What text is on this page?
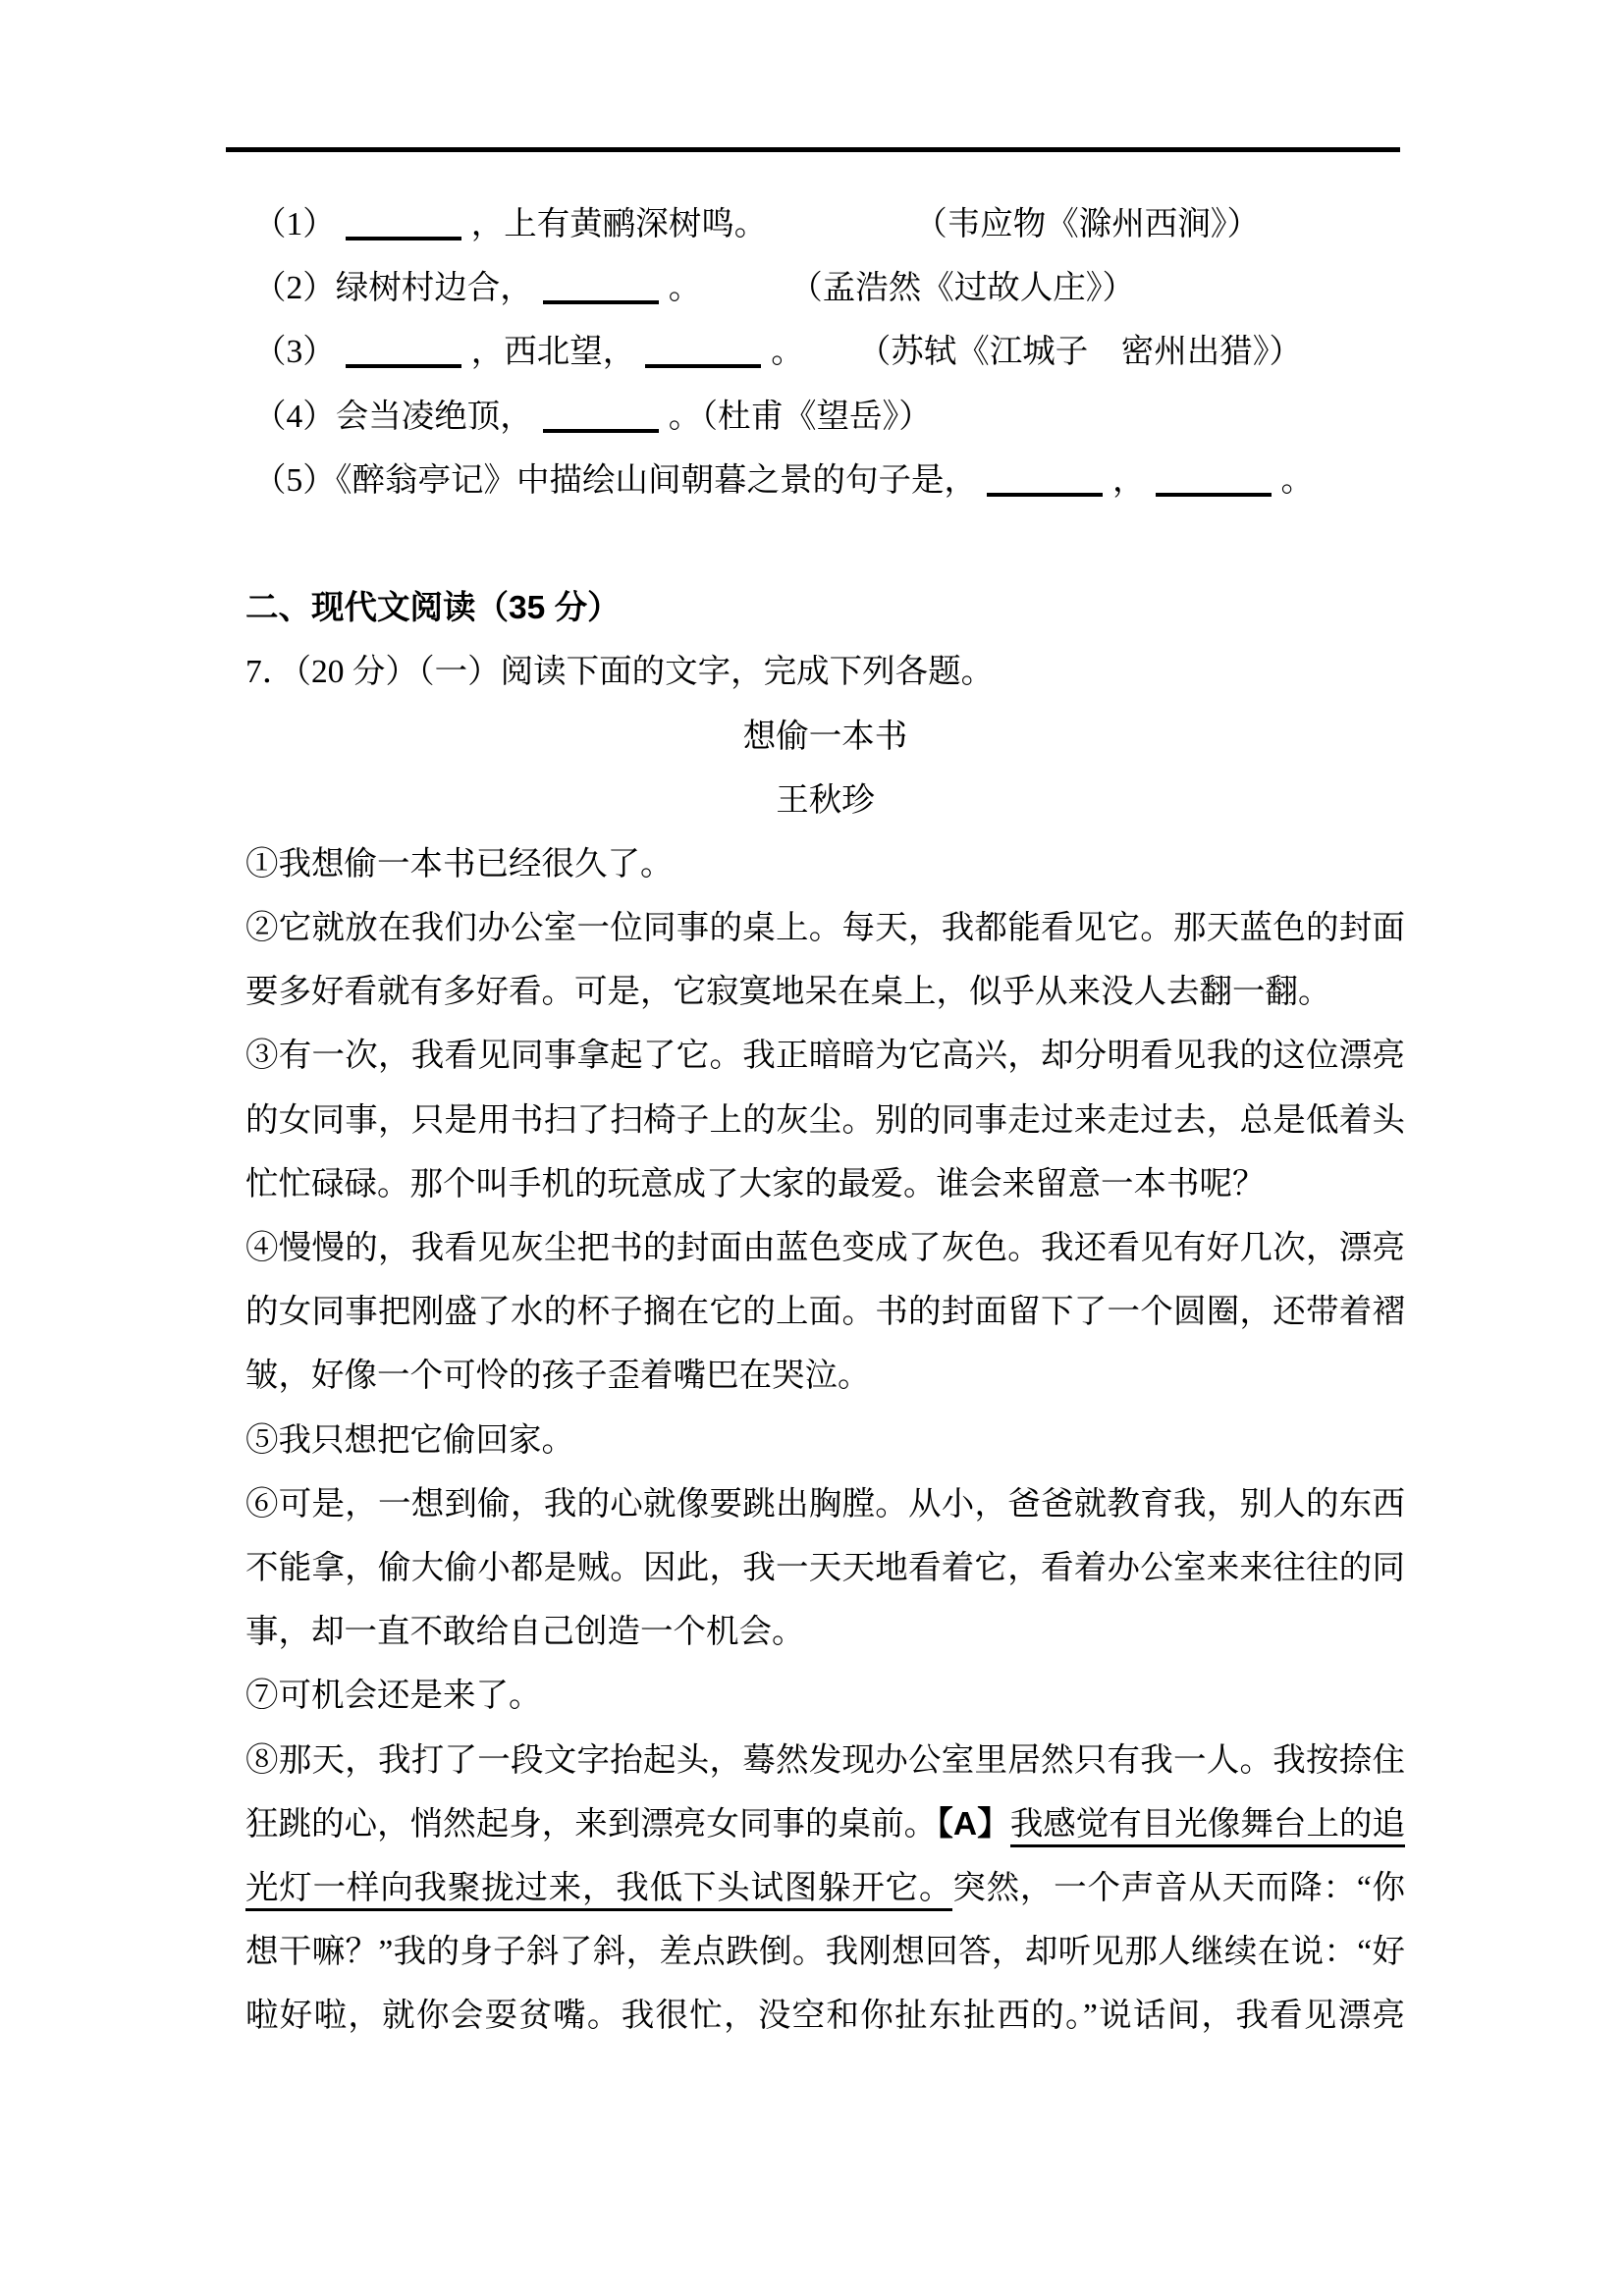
（1）	，上有黄鹂深树鸣。	（韦应物《滁州西涧》）
（2）绿树村边合，	。	（孟浩然《过故人庄》）
（3）	，西北望，	。 （苏轼《江城子　密州出猎》）
（4）会当凌绝顶，	。（杜甫《望岳》）
（5）《醉翁亭记》中描绘山间朝暮之景的句子是，	，	。
二、现代文阅读（35 分）
7．（20 分）（一）阅读下面的文字，完成下列各题。
想偷一本书
王秋珍
①我想偷一本书已经很久了。
②它就放在我们办公室一位同事的桌上。每天，我都能看见它。那天蓝色的封面
要多好看就有多好看。可是，它寂寞地呆在桌上，似乎从来没人去翻一翻。
③有一次，我看见同事拿起了它。我正暗暗为它高兴，却分明看见我的这位漂亮
的女同事，只是用书扫了扫椅子上的灰尘。别的同事走过来走过去，总是低着头
忙忙碌碌。那个叫手机的玩意成了大家的最爱。谁会来留意一本书呢？
④慢慢的，我看见灰尘把书的封面由蓝色变成了灰色。我还看见有好几次，漂亮
的女同事把刚盛了水的杯子搁在它的上面。书的封面留下了一个圆圈，还带着褶
皱，好像一个可怜的孩子歪着嘴巴在哭泣。
⑤我只想把它偷回家。
⑥可是，一想到偷，我的心就像要跳出胸膛。从小，爸爸就教育我，别人的东西
不能拿，偷大偷小都是贼。因此，我一天天地看着它，看着办公室来来往往的同
事，却一直不敢给自己创造一个机会。
⑦可机会还是来了。
⑧那天，我打了一段文字抬起头，蓦然发现办公室里居然只有我一人。我按捺住
狂跳的心，悄然起身，来到漂亮女同事的桌前。【A】我感觉有目光像舞台上的追
光灯一样向我聚拢过来，我低下头试图躲开它。突然，一个声音从天而降：“你
想干嘛？”我的身子斜了斜，差点跌倒。我刚想回答，却听见那人继续在说：“好
啦好啦，就你会耍贫嘴。我很忙，没空和你扯东扯西的。”说话间，我看见漂亮
